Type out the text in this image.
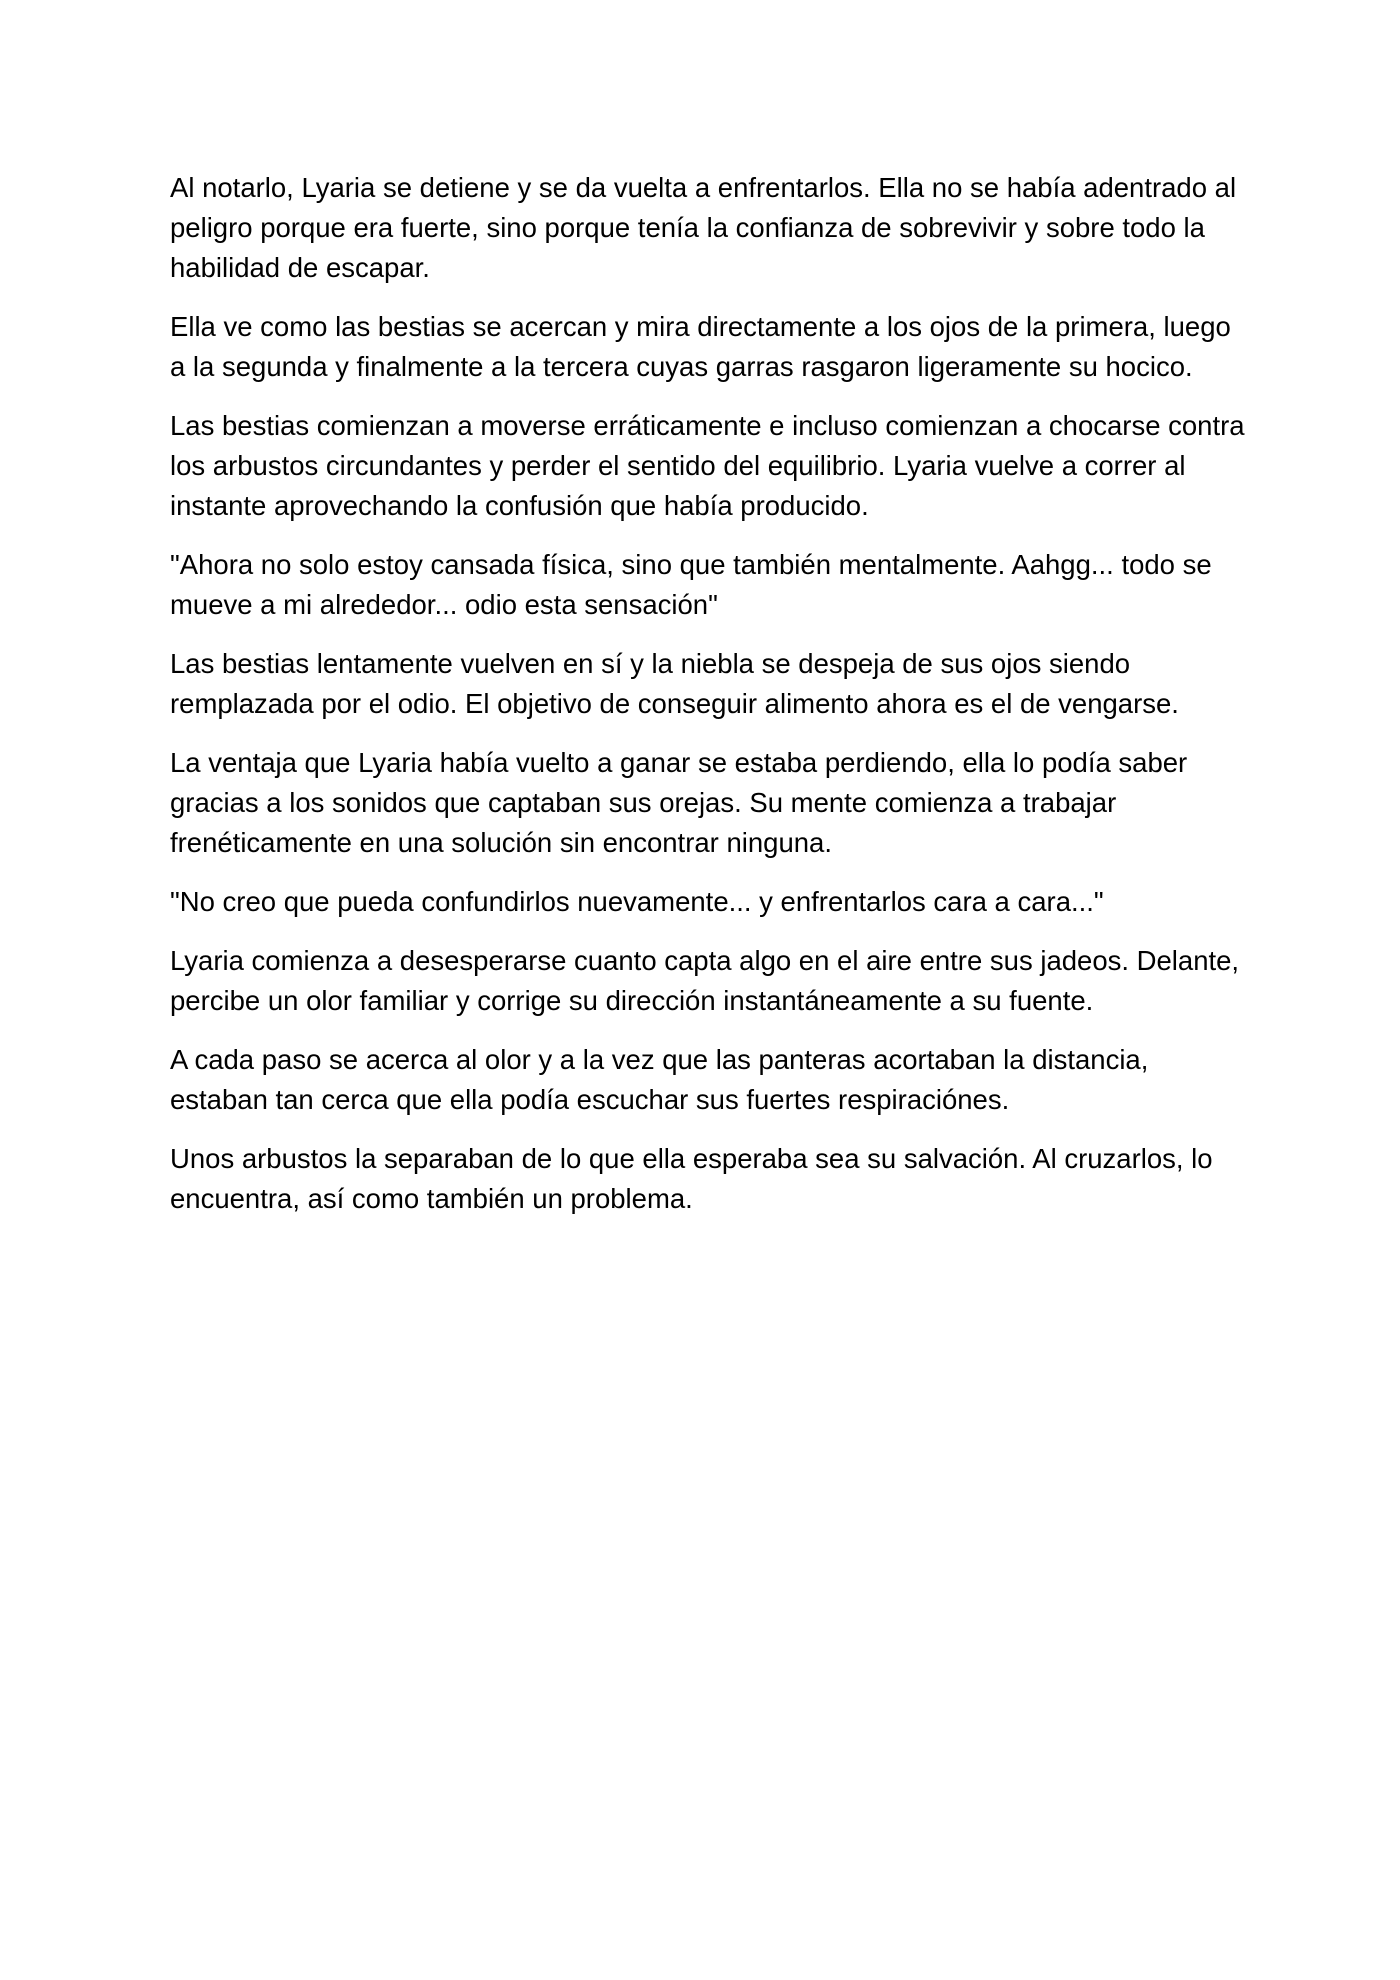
Al notarlo, Lyaria se detiene y se da vuelta a enfrentarlos. Ella no se había adentrado al peligro porque era fuerte, sino porque tenía la confianza de sobrevivir y sobre todo la habilidad de escapar.

Ella ve como las bestias se acercan y mira directamente a los ojos de la primera, luego a la segunda y finalmente a la tercera cuyas garras rasgaron ligeramente su hocico.

Las bestias comienzan a moverse erráticamente e incluso comienzan a chocarse contra los arbustos circundantes y perder el sentido del equilibrio. Lyaria vuelve a correr al instante aprovechando la confusión que había producido.

"Ahora no solo estoy cansada física, sino que también mentalmente. Aahgg... todo se mueve a mi alrededor... odio esta sensación"

Las bestias lentamente vuelven en sí y la niebla se despeja de sus ojos siendo remplazada por el odio. El objetivo de conseguir alimento ahora es el de vengarse.

La ventaja que Lyaria había vuelto a ganar se estaba perdiendo, ella lo podía saber gracias a los sonidos que captaban sus orejas. Su mente comienza a trabajar frenéticamente en una solución sin encontrar ninguna.

"No creo que pueda confundirlos nuevamente... y enfrentarlos cara a cara..."

Lyaria comienza a desesperarse cuanto capta algo en el aire entre sus jadeos. Delante, percibe un olor familiar y corrige su dirección instantáneamente a su fuente.

A cada paso se acerca al olor y a la vez que las panteras acortaban la distancia, estaban tan cerca que ella podía escuchar sus fuertes respiraciónes.

Unos arbustos la separaban de lo que ella esperaba sea su salvación. Al cruzarlos, lo encuentra, así como también un problema.
